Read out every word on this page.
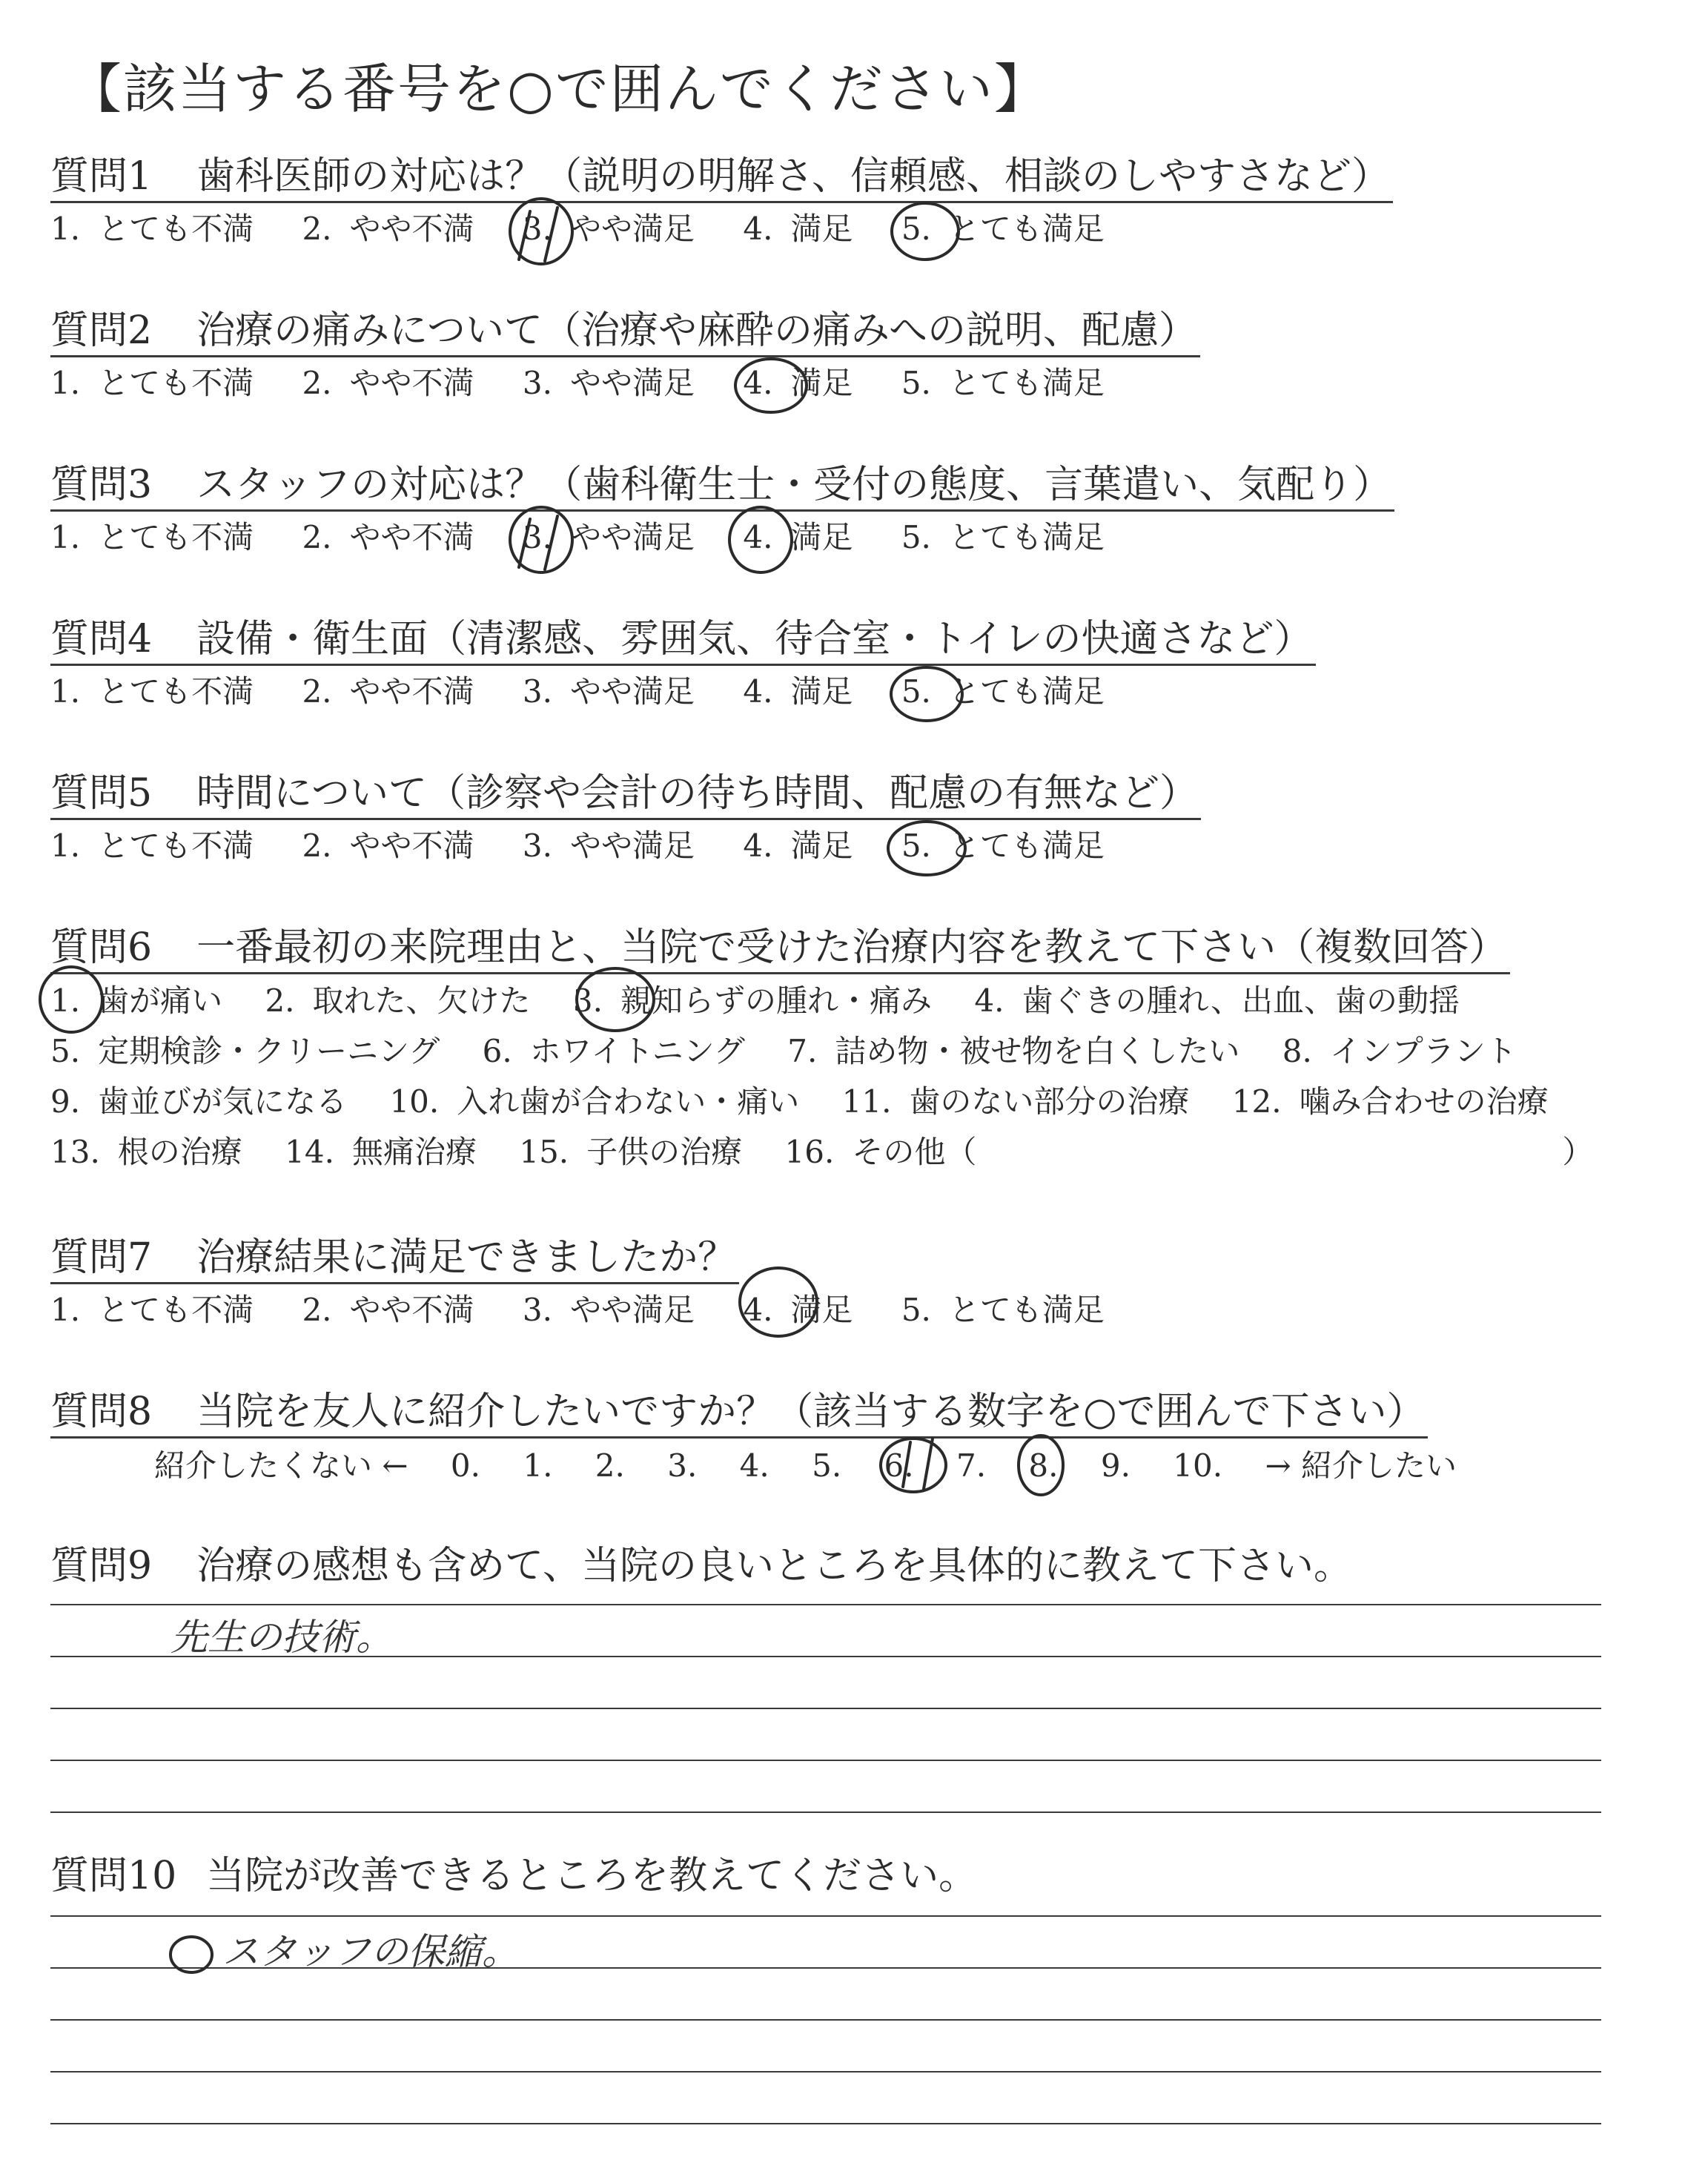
【該当する番号を○で囲んでください】
質問1 歯科医師の対応は？（説明の明解さ、信頼感、相談のしやすさなど）
1. とても不満 2. やや不満 3. やや満足 4. 満足 5. とても満足
質問2 治療の痛みについて（治療や麻酔の痛みへの説明、配慮）
1. とても不満 2. やや不満 3. やや満足 4. 満足 5. とても満足
質問3 スタッフの対応は？（歯科衛生士・受付の態度、言葉遣い、気配り）
1. とても不満 2. やや不満 3. やや満足 4. 満足 5. とても満足
質問4 設備・衛生面（清潔感、雰囲気、待合室・トイレの快適さなど）
1. とても不満 2. やや不満 3. やや満足 4. 満足 5. とても満足
質問5 時間について（診察や会計の待ち時間、配慮の有無など）
1. とても不満 2. やや不満 3. やや満足 4. 満足 5. とても満足
質問6 一番最初の来院理由と、当院で受けた治療内容を教えて下さい（複数回答）
1. 歯が痛い 2. 取れた、欠けた 3. 親知らずの腫れ・痛み 4. 歯ぐきの腫れ、出血、歯の動揺
5. 定期検診・クリーニング 6. ホワイトニング 7. 詰め物・被せ物を白くしたい 8. インプラント
9. 歯並びが気になる 10. 入れ歯が合わない・痛い 11. 歯のない部分の治療 12. 噛み合わせの治療
13. 根の治療 14. 無痛治療 15. 子供の治療 16. その他（	）
質問7 治療結果に満足できましたか？
1. とても不満 2. やや不満 3. やや満足 4. 満足 5. とても満足
質問8 当院を友人に紹介したいですか？（該当する数字を○で囲んで下さい）
紹介したくない ← 0. 1. 2. 3. 4. 5. 6. 7. 8. 9. 10. → 紹介したい
質問9 治療の感想も含めて、当院の良いところを具体的に教えて下さい。
先生の技術。
質問10 当院が改善できるところを教えてください。
スタッフの保縮。
